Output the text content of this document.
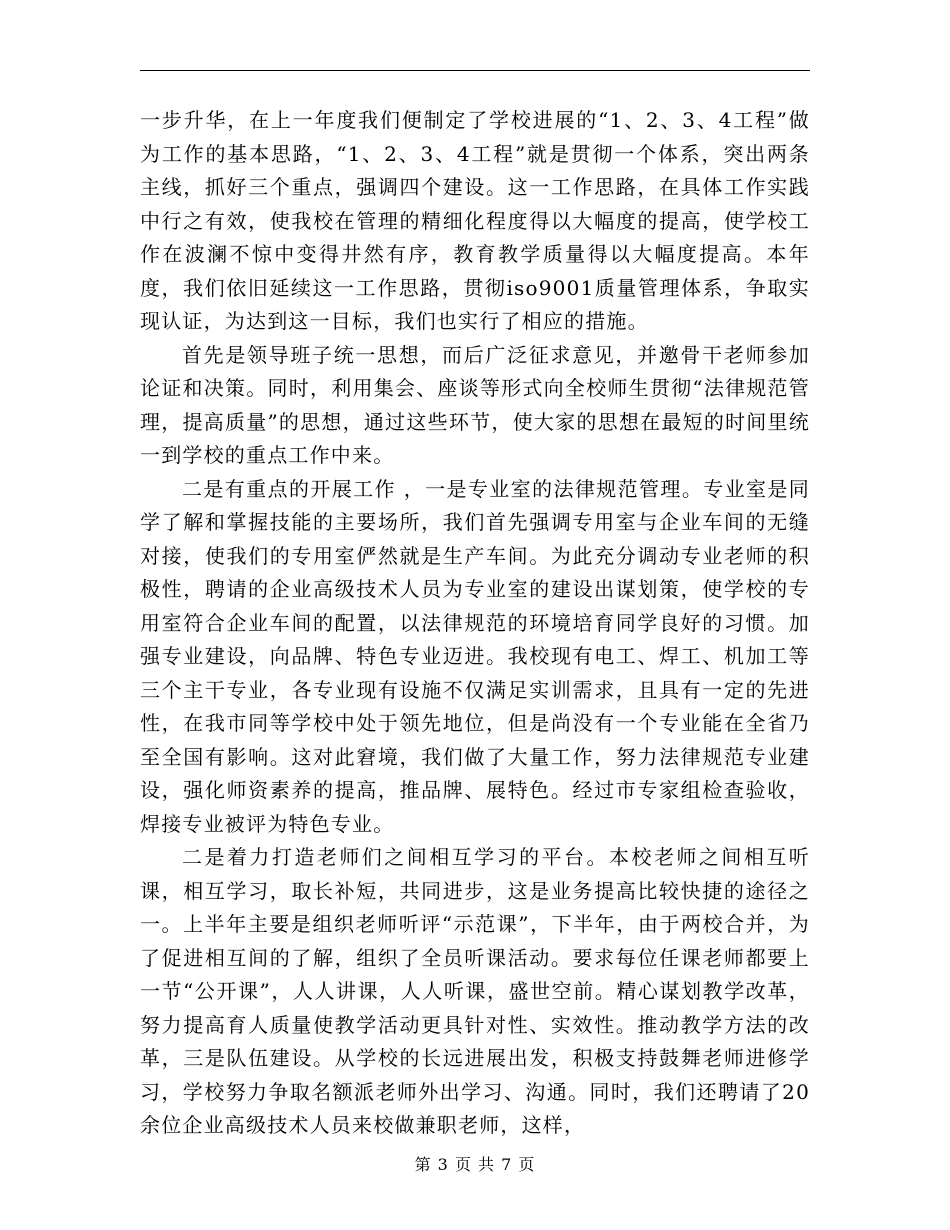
一步升华，在上一年度我们便制定了学校进展的“1、2、3、4工程”做为工作的基本思路，“1、2、3、4工程”就是贯彻一个体系，突出两条主线，抓好三个重点，强调四个建设。这一工作思路，在具体工作实践中行之有效，使我校在管理的精细化程度得以大幅度的提高，使学校工作在波澜不惊中变得井然有序，教育教学质量得以大幅度提高。本年度，我们依旧延续这一工作思路，贯彻iso9001质量管理体系，争取实现认证，为达到这一目标，我们也实行了相应的措施。

首先是领导班子统一思想，而后广泛征求意见，并邀骨干老师参加论证和决策。同时，利用集会、座谈等形式向全校师生贯彻“法律规范管理，提高质量”的思想，通过这些环节，使大家的思想在最短的时间里统一到学校的重点工作中来。

二是有重点的开展工作 ，一是专业室的法律规范管理。专业室是同学了解和掌握技能的主要场所，我们首先强调专用室与企业车间的无缝对接，使我们的专用室俨然就是生产车间。为此充分调动专业老师的积极性，聘请的企业高级技术人员为专业室的建设出谋划策，使学校的专用室符合企业车间的配置，以法律规范的环境培育同学良好的习惯。加强专业建设，向品牌、特色专业迈进。我校现有电工、焊工、机加工等三个主干专业，各专业现有设施不仅满足实训需求，且具有一定的先进性，在我市同等学校中处于领先地位，但是尚没有一个专业能在全省乃至全国有影响。这对此窘境，我们做了大量工作，努力法律规范专业建设，强化师资素养的提高，推品牌、展特色。经过市专家组检查验收，焊接专业被评为特色专业。

二是着力打造老师们之间相互学习的平台。本校老师之间相互听课，相互学习，取长补短，共同进步，这是业务提高比较快捷的途径之一。上半年主要是组织老师听评“示范课”，下半年，由于两校合并，为了促进相互间的了解，组织了全员听课活动。要求每位任课老师都要上一节“公开课”，人人讲课，人人听课，盛世空前。精心谋划教学改革，努力提高育人质量使教学活动更具针对性、实效性。推动教学方法的改革，三是队伍建设。从学校的长远进展出发，积极支持鼓舞老师进修学习，学校努力争取名额派老师外出学习、沟通。同时，我们还聘请了20余位企业高级技术人员来校做兼职老师，这样，

第 3 页 共 7 页
